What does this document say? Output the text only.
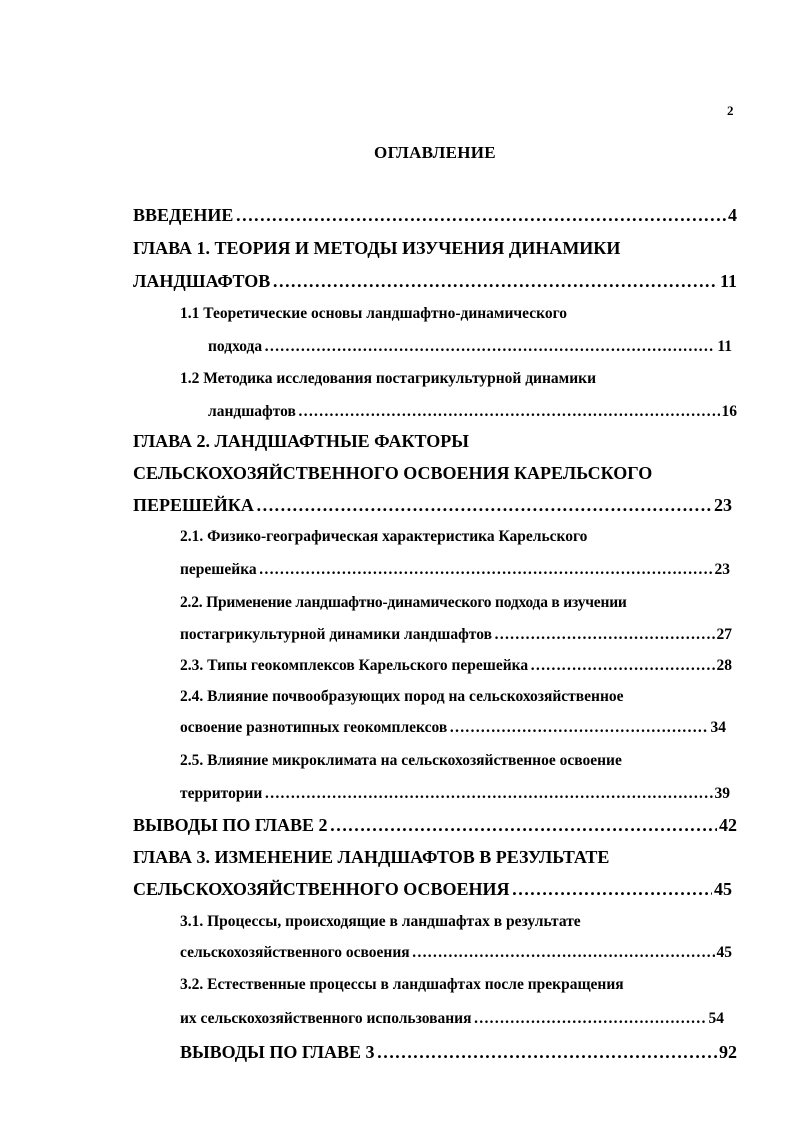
2
ОГЛАВЛЕНИЕ
ВВЕДЕНИЕ …………………………………………………………………………………………………………………………………………………………………………………	4
ГЛАВА 1. ТЕОРИЯ И МЕТОДЫ ИЗУЧЕНИЯ ДИНАМИКИ
ЛАНДШАФТОВ …………………………………………………………………………………………………………………………………………………………………………………	11
1.1 Теоретические основы ландшафтно-динамического
подхода …………………………………………………………………………………………………………………………………………………………………………………	11
1.2 Методика исследования постагрикультурной динамики
ландшафтов …………………………………………………………………………………………………………………………………………………………………………………	16
ГЛАВА 2. ЛАНДШАФТНЫЕ ФАКТОРЫ
СЕЛЬСКОХОЗЯЙСТВЕННОГО ОСВОЕНИЯ КАРЕЛЬСКОГО
ПЕРЕШЕЙКА …………………………………………………………………………………………………………………………………………………………………………………	23
2.1. Физико-географическая характеристика Карельского
перешейка …………………………………………………………………………………………………………………………………………………………………………………	23
2.2. Применение ландшафтно-динамического подхода в изучении
постагрикультурной динамики ландшафтов …………………………………………………………………………………………………………………………………………………………………………………	27
2.3. Типы геокомплексов Карельского перешейка …………………………………………………………………………………………………………………………………………………………………………………	28
2.4. Влияние почвообразующих пород на сельскохозяйственное
освоение разнотипных геокомплексов …………………………………………………………………………………………………………………………………………………………………………………	34
2.5. Влияние микроклимата на сельскохозяйственное освоение
территории …………………………………………………………………………………………………………………………………………………………………………………	39
ВЫВОДЫ ПО ГЛАВЕ 2 …………………………………………………………………………………………………………………………………………………………………………………	42
ГЛАВА 3. ИЗМЕНЕНИЕ ЛАНДШАФТОВ В РЕЗУЛЬТАТЕ
СЕЛЬСКОХОЗЯЙСТВЕННОГО ОСВОЕНИЯ …………………………………………………………………………………………………………………………………………………………………………………	45
3.1. Процессы, происходящие в ландшафтах в результате
сельскохозяйственного освоения …………………………………………………………………………………………………………………………………………………………………………………	45
3.2. Естественные процессы в ландшафтах после прекращения
их сельскохозяйственного использования …………………………………………………………………………………………………………………………………………………………………………………	54
ВЫВОДЫ ПО ГЛАВЕ 3 …………………………………………………………………………………………………………………………………………………………………………………	92
